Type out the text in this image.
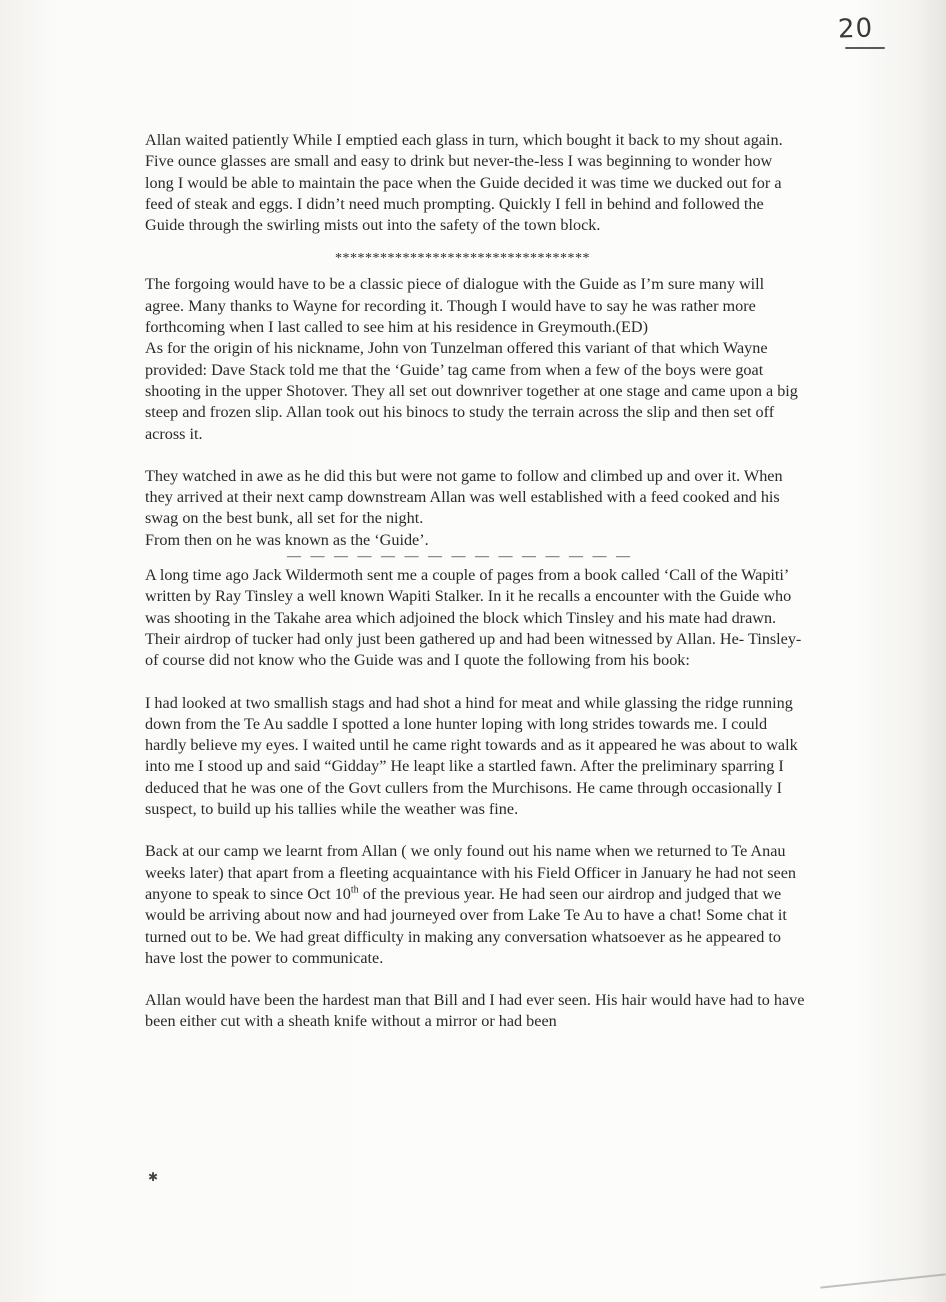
20

Allan waited patiently While I emptied each glass in turn, which bought it back to my shout again. Five ounce glasses are small and easy to drink but never-the-less I was beginning to wonder how long I would be able to maintain the pace when the Guide decided it was time we ducked out for a feed of steak and eggs. I didn’t need much prompting. Quickly I fell in behind and followed the Guide through the swirling mists out into the safety of the town block.

**********************************

The forgoing would have to be a classic piece of dialogue with the Guide as I’m sure many will agree. Many thanks to Wayne for recording it. Though I would have to say he was rather more forthcoming when I last called to see him at his residence in Greymouth.(ED)

As for the origin of his nickname, John von Tunzelman offered this variant of that which Wayne provided: Dave Stack told me that the ‘Guide’ tag came from when a few of the boys were goat shooting in the upper Shotover. They all set out downriver together at one stage and came upon a big steep and frozen slip. Allan took out his binocs to study the terrain across the slip and then set off across it.

They watched in awe as he did this but were not game to follow and climbed up and over it. When they arrived at their next camp downstream Allan was well established with a feed cooked and his swag on the best bunk, all set for the night.

From then on he was known as the ‘Guide’.

— — — — — — — — — — — — — — —

A long time ago Jack Wildermoth sent me a couple of pages from a book called ‘Call of the Wapiti’ written by Ray Tinsley a well known Wapiti Stalker. In it he recalls a encounter with the Guide who was shooting in the Takahe area which adjoined the block which Tinsley and his mate had drawn. Their airdrop of tucker had only just been gathered up and had been witnessed by Allan. He- Tinsley- of course did not know who the Guide was and I quote the following from his book:

I had looked at two smallish stags and had shot a hind for meat and while glassing the ridge running down from the Te Au saddle I spotted a lone hunter loping with long strides towards me. I could hardly believe my eyes. I waited until he came right towards and as it appeared he was about to walk into me I stood up and said “Gidday” He leapt like a startled fawn. After the preliminary sparring I deduced that he was one of the Govt cullers from the Murchisons. He came through occasionally I suspect, to build up his tallies while the weather was fine.

Back at our camp we learnt from Allan ( we only found out his name when we returned to Te Anau weeks later) that apart from a fleeting acquaintance with his Field Officer in January he had not seen anyone to speak to since Oct 10th of the previous year. He had seen our airdrop and judged that we would be arriving about now and had journeyed over from Lake Te Au to have a chat! Some chat it turned out to be. We had great difficulty in making any conversation whatsoever as he appeared to have lost the power to communicate.

Allan would have been the hardest man that Bill and I had ever seen. His hair would have had to have been either cut with a sheath knife without a mirror or had been

✱
